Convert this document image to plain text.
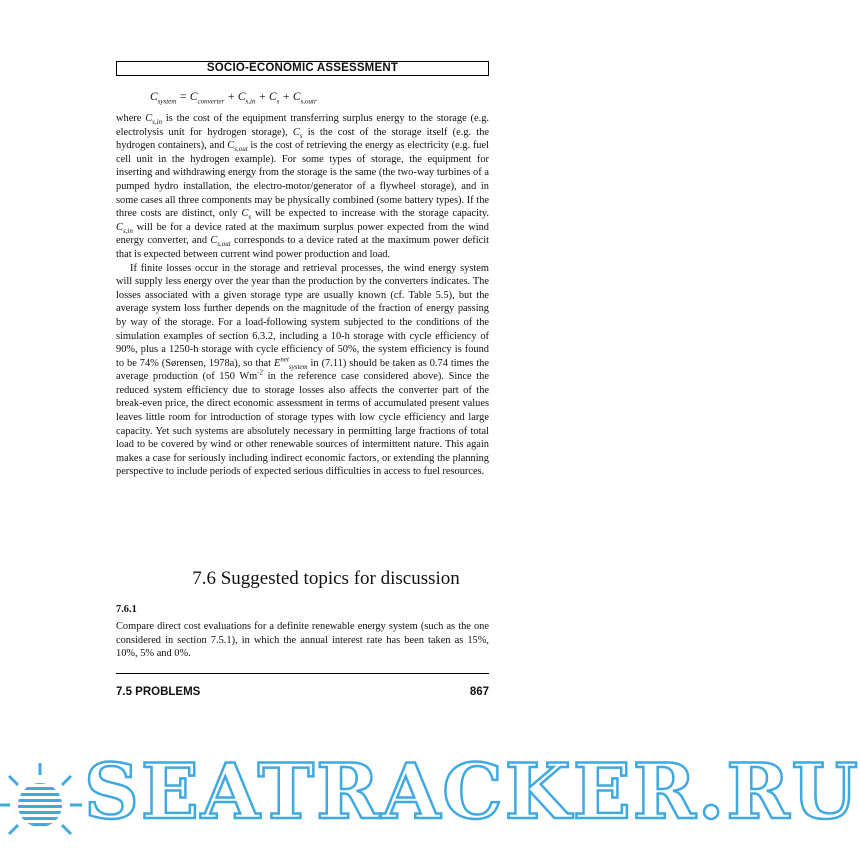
SOCIO-ECONOMIC ASSESSMENT
$C_{system} = C_{converter} + C_{s,in} + C_s + C_{s,outr}$

where $C_{s,in}$ is the cost of the equipment transferring surplus energy to the storage (e.g. electrolysis unit for hydrogen storage), $C_s$ is the cost of the storage itself (e.g. the hydrogen containers), and $C_{s,out}$ is the cost of retrieving the energy as electricity (e.g. fuel cell unit in the hydrogen example). For some types of storage, the equipment for inserting and withdrawing energy from the storage is the same (the two-way turbines of a pumped hydro installation, the electro-motor/generator of a flywheel storage), and in some cases all three components may be physically combined (some battery types). If the three costs are distinct, only $C_s$ will be expected to increase with the storage capacity. $C_{s,in}$ will be for a device rated at the maximum surplus power expected from the wind energy converter, and $C_{s,out}$ corresponds to a device rated at the maximum power deficit that is expected between current wind power production and load.

If finite losses occur in the storage and retrieval processes, the wind energy system will supply less energy over the year than the production by the converters indicates. The losses associated with a given storage type are usually known (cf. Table 5.5), but the average system loss further depends on the magnitude of the fraction of energy passing by way of the storage. For a load-following system subjected to the conditions of the simulation examples of section 6.3.2, including a 10-h storage with cycle efficiency of 90%, plus a 1250-h storage with cycle efficiency of 50%, the system efficiency is found to be 74% (Sørensen, 1978a), so that $E^{net}_{system}$ in (7.11) should be taken as 0.74 times the average production (of 150 $Wm^{-2}$ in the reference case considered above). Since the reduced system efficiency due to storage losses also affects the converter part of the break-even price, the direct economic assessment in terms of accumulated present values leaves little room for introduction of storage types with low cycle efficiency and large capacity. Yet such systems are absolutely necessary in permitting large fractions of total load to be covered by wind or other renewable sources of intermittent nature. This again makes a case for seriously including indirect economic factors, or extending the planning perspective to include periods of expected serious difficulties in access to fuel resources.

7.6 Suggested topics for discussion
7.6.1

Compare direct cost evaluations for a definite renewable energy system (such as the one considered in section 7.5.1), in which the annual interest rate has been taken as 15%, 10%, 5% and 0%.

7.5 PROBLEMS	867
SEATRACKER.RU
